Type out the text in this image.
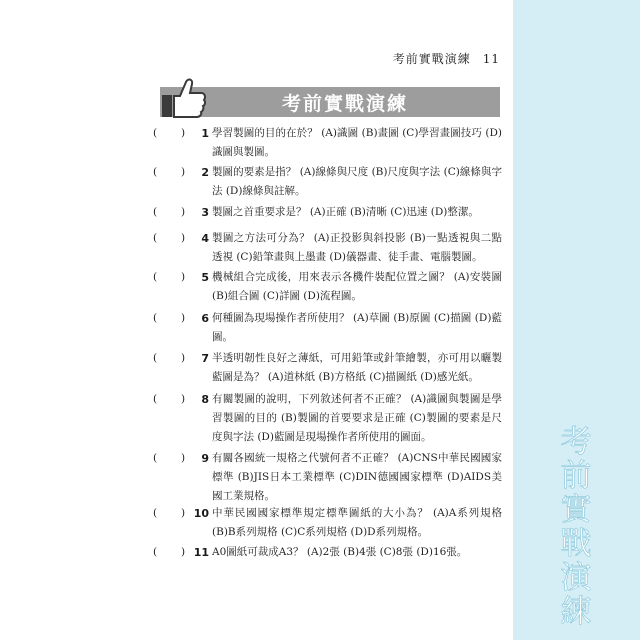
考
前
實
戰
演
練
考前實戰演練 11
考前實戰演練
( )	1 學習製圖的目的在於？ (A)識圖 (B)畫圖 (C)學習畫圖技巧 (D)識圖與製圖。
( )	2 製圖的要素是指？ (A)線條與尺度 (B)尺度與字法 (C)線條與字法 (D)線條與註解。
( )	3 製圖之首重要求是？ (A)正確 (B)清晰 (C)迅速 (D)整潔。
( )	4 製圖之方法可分為？ (A)正投影與斜投影 (B)一點透視與二點透視 (C)鉛筆畫與上墨畫 (D)儀器畫、徒手畫、電腦製圖。
( )	5 機械組合完成後，用來表示各機件裝配位置之圖？ (A)安裝圖 (B)組合圖 (C)詳圖 (D)流程圖。
( )	6 何種圖為現場操作者所使用？ (A)草圖 (B)原圖 (C)描圖 (D)藍圖。
( )	7 半透明韌性良好之薄紙，可用鉛筆或針筆繪製，亦可用以曬製藍圖是為？ (A)道林紙 (B)方格紙 (C)描圖紙 (D)感光紙。
( )	8 有關製圖的說明，下列敘述何者不正確？ (A)識圖與製圖是學習製圖的目的 (B)製圖的首要要求是正確 (C)製圖的要素是尺度與字法 (D)藍圖是現場操作者所使用的圖面。
( )	9 有關各國統一規格之代號何者不正確？ (A)CNS中華民國國家標準 (B)JIS日本工業標準 (C)DIN德國國家標準 (D)AIDS美國工業規格。
( ) 10 中華民國國家標準規定標準圖紙的大小為？ (A)A系列規格 (B)B系列規格 (C)C系列規格 (D)D系列規格。
( ) 11 A0圖紙可裁成A3？ (A)2張 (B)4張 (C)8張 (D)16張。
